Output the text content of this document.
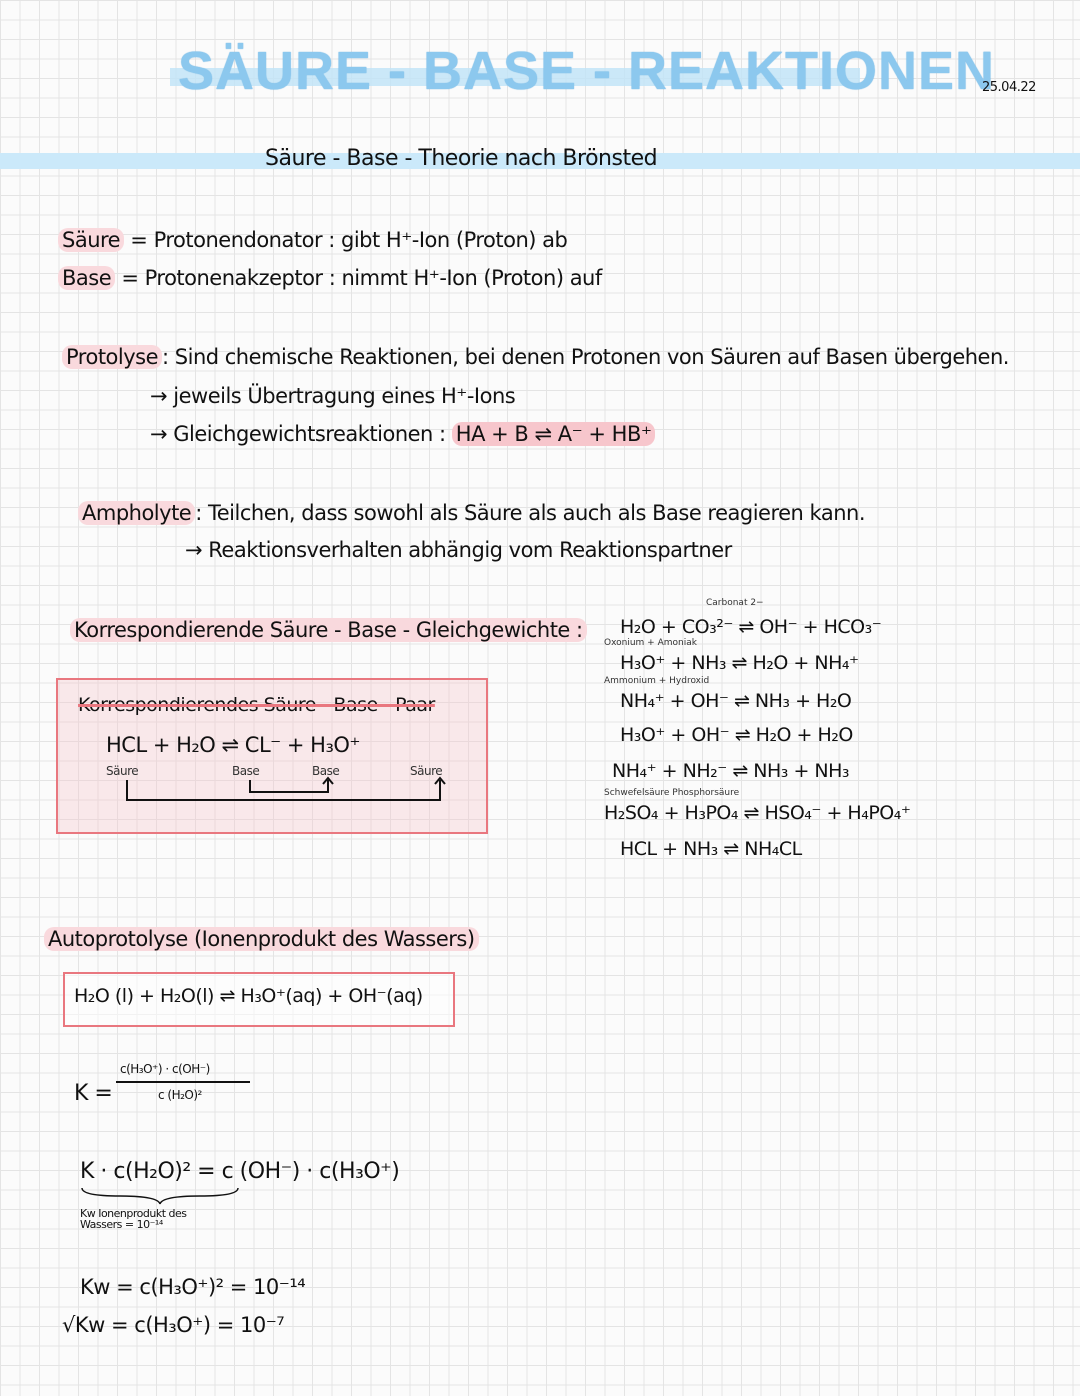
SÄURE - BASE - REAKTIONEN
25.04.22
Säure - Base - Theorie nach Brönsted
Säure = Protonendonator : gibt H⁺-Ion (Proton) ab
Base = Protonenakzeptor : nimmt H⁺-Ion (Proton) auf
Protolyse : Sind chemische Reaktionen, bei denen Protonen von Säuren auf Basen übergehen.
→ jeweils Übertragung eines H⁺-Ions
→ Gleichgewichtsreaktionen : HA + B ⇌ A⁻ + HB⁺
Ampholyte : Teilchen, dass sowohl als Säure als auch als Base reagieren kann.
→ Reaktionsverhalten abhängig vom Reaktionspartner
Korrespondierende Säure - Base - Gleichgewichte :
Korrespondierendes Säure - Base - Paar
HCL + H₂O ⇌ CL⁻ + H₃O⁺
Säure	Base	Base	Säure
Carbonat 2−
H₂O + CO₃²⁻ ⇌ OH⁻ + HCO₃⁻
Oxonium + Amoniak
H₃O⁺ + NH₃ ⇌ H₂O + NH₄⁺
Ammonium + Hydroxid
NH₄⁺ + OH⁻ ⇌ NH₃ + H₂O
H₃O⁺ + OH⁻ ⇌ H₂O + H₂O
NH₄⁺ + NH₂⁻ ⇌ NH₃ + NH₃
Schwefelsäure Phosphorsäure
H₂SO₄ + H₃PO₄ ⇌ HSO₄⁻ + H₄PO₄⁺
HCL + NH₃ ⇌ NH₄CL
Autoprotolyse (Ionenprodukt des Wassers)
H₂O (l) + H₂O(l) ⇌ H₃O⁺(aq) + OH⁻(aq)
K =
c(H₃O⁺) · c(OH⁻)
c (H₂O)²
K · c(H₂O)² = c (OH⁻) · c(H₃O⁺)
Kw Ionenprodukt des Wassers = 10⁻¹⁴
Kw = c(H₃O⁺)² = 10⁻¹⁴
√Kw = c(H₃O⁺) = 10⁻⁷
